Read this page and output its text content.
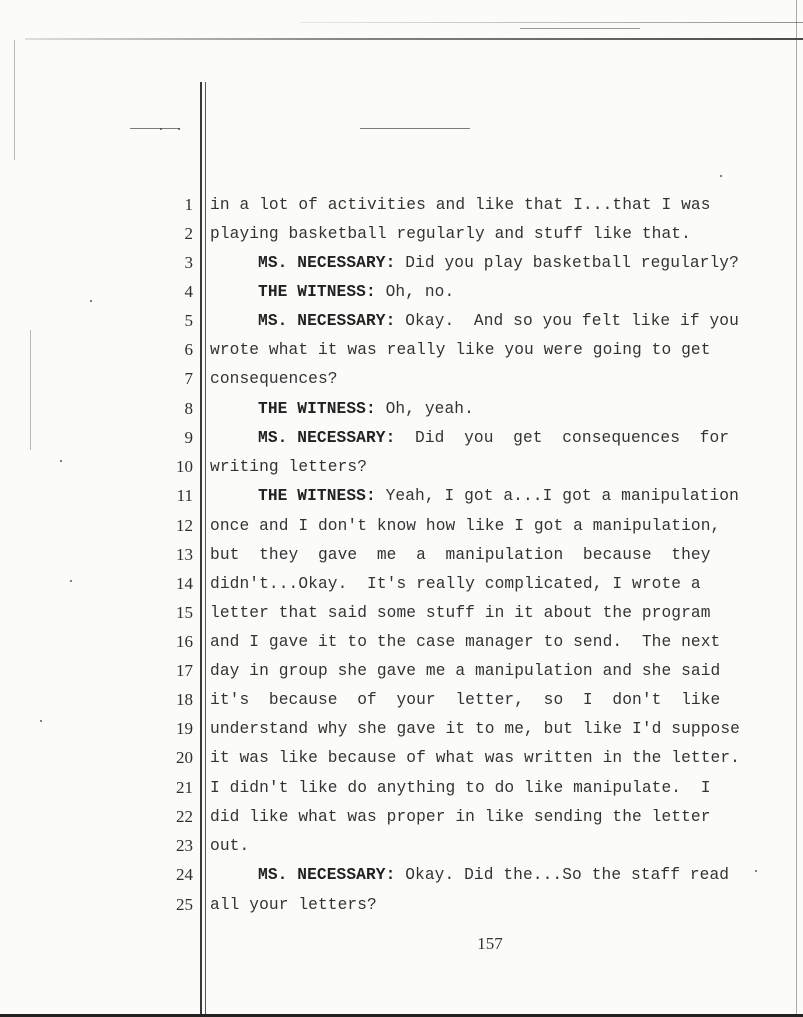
1 in a lot of activities and like that I...that I was
2 playing basketball regularly and stuff like that.
3	MS. NECESSARY: Did you play basketball regularly?
4	THE WITNESS: Oh, no.
5	MS. NECESSARY: Okay.  And so you felt like if you
6 wrote what it was really like you were going to get
7 consequences?
8	THE WITNESS: Oh, yeah.
9	MS. NECESSARY:  Did  you  get  consequences  for
10 writing letters?
11	THE WITNESS: Yeah, I got a...I got a manipulation
12 once and I don't know how like I got a manipulation,
13 but  they  gave  me  a  manipulation  because  they
14 didn't...Okay.  It's really complicated, I wrote a
15 letter that said some stuff in it about the program
16 and I gave it to the case manager to send.  The next
17 day in group she gave me a manipulation and she said
18 it's  because  of  your  letter,  so  I  don't  like
19 understand why she gave it to me, but like I'd suppose
20 it was like because of what was written in the letter.
21 I didn't like do anything to do like manipulate.  I
22 did like what was proper in like sending the letter
23 out.
24	MS. NECESSARY: Okay. Did the...So the staff read
25 all your letters?
157
